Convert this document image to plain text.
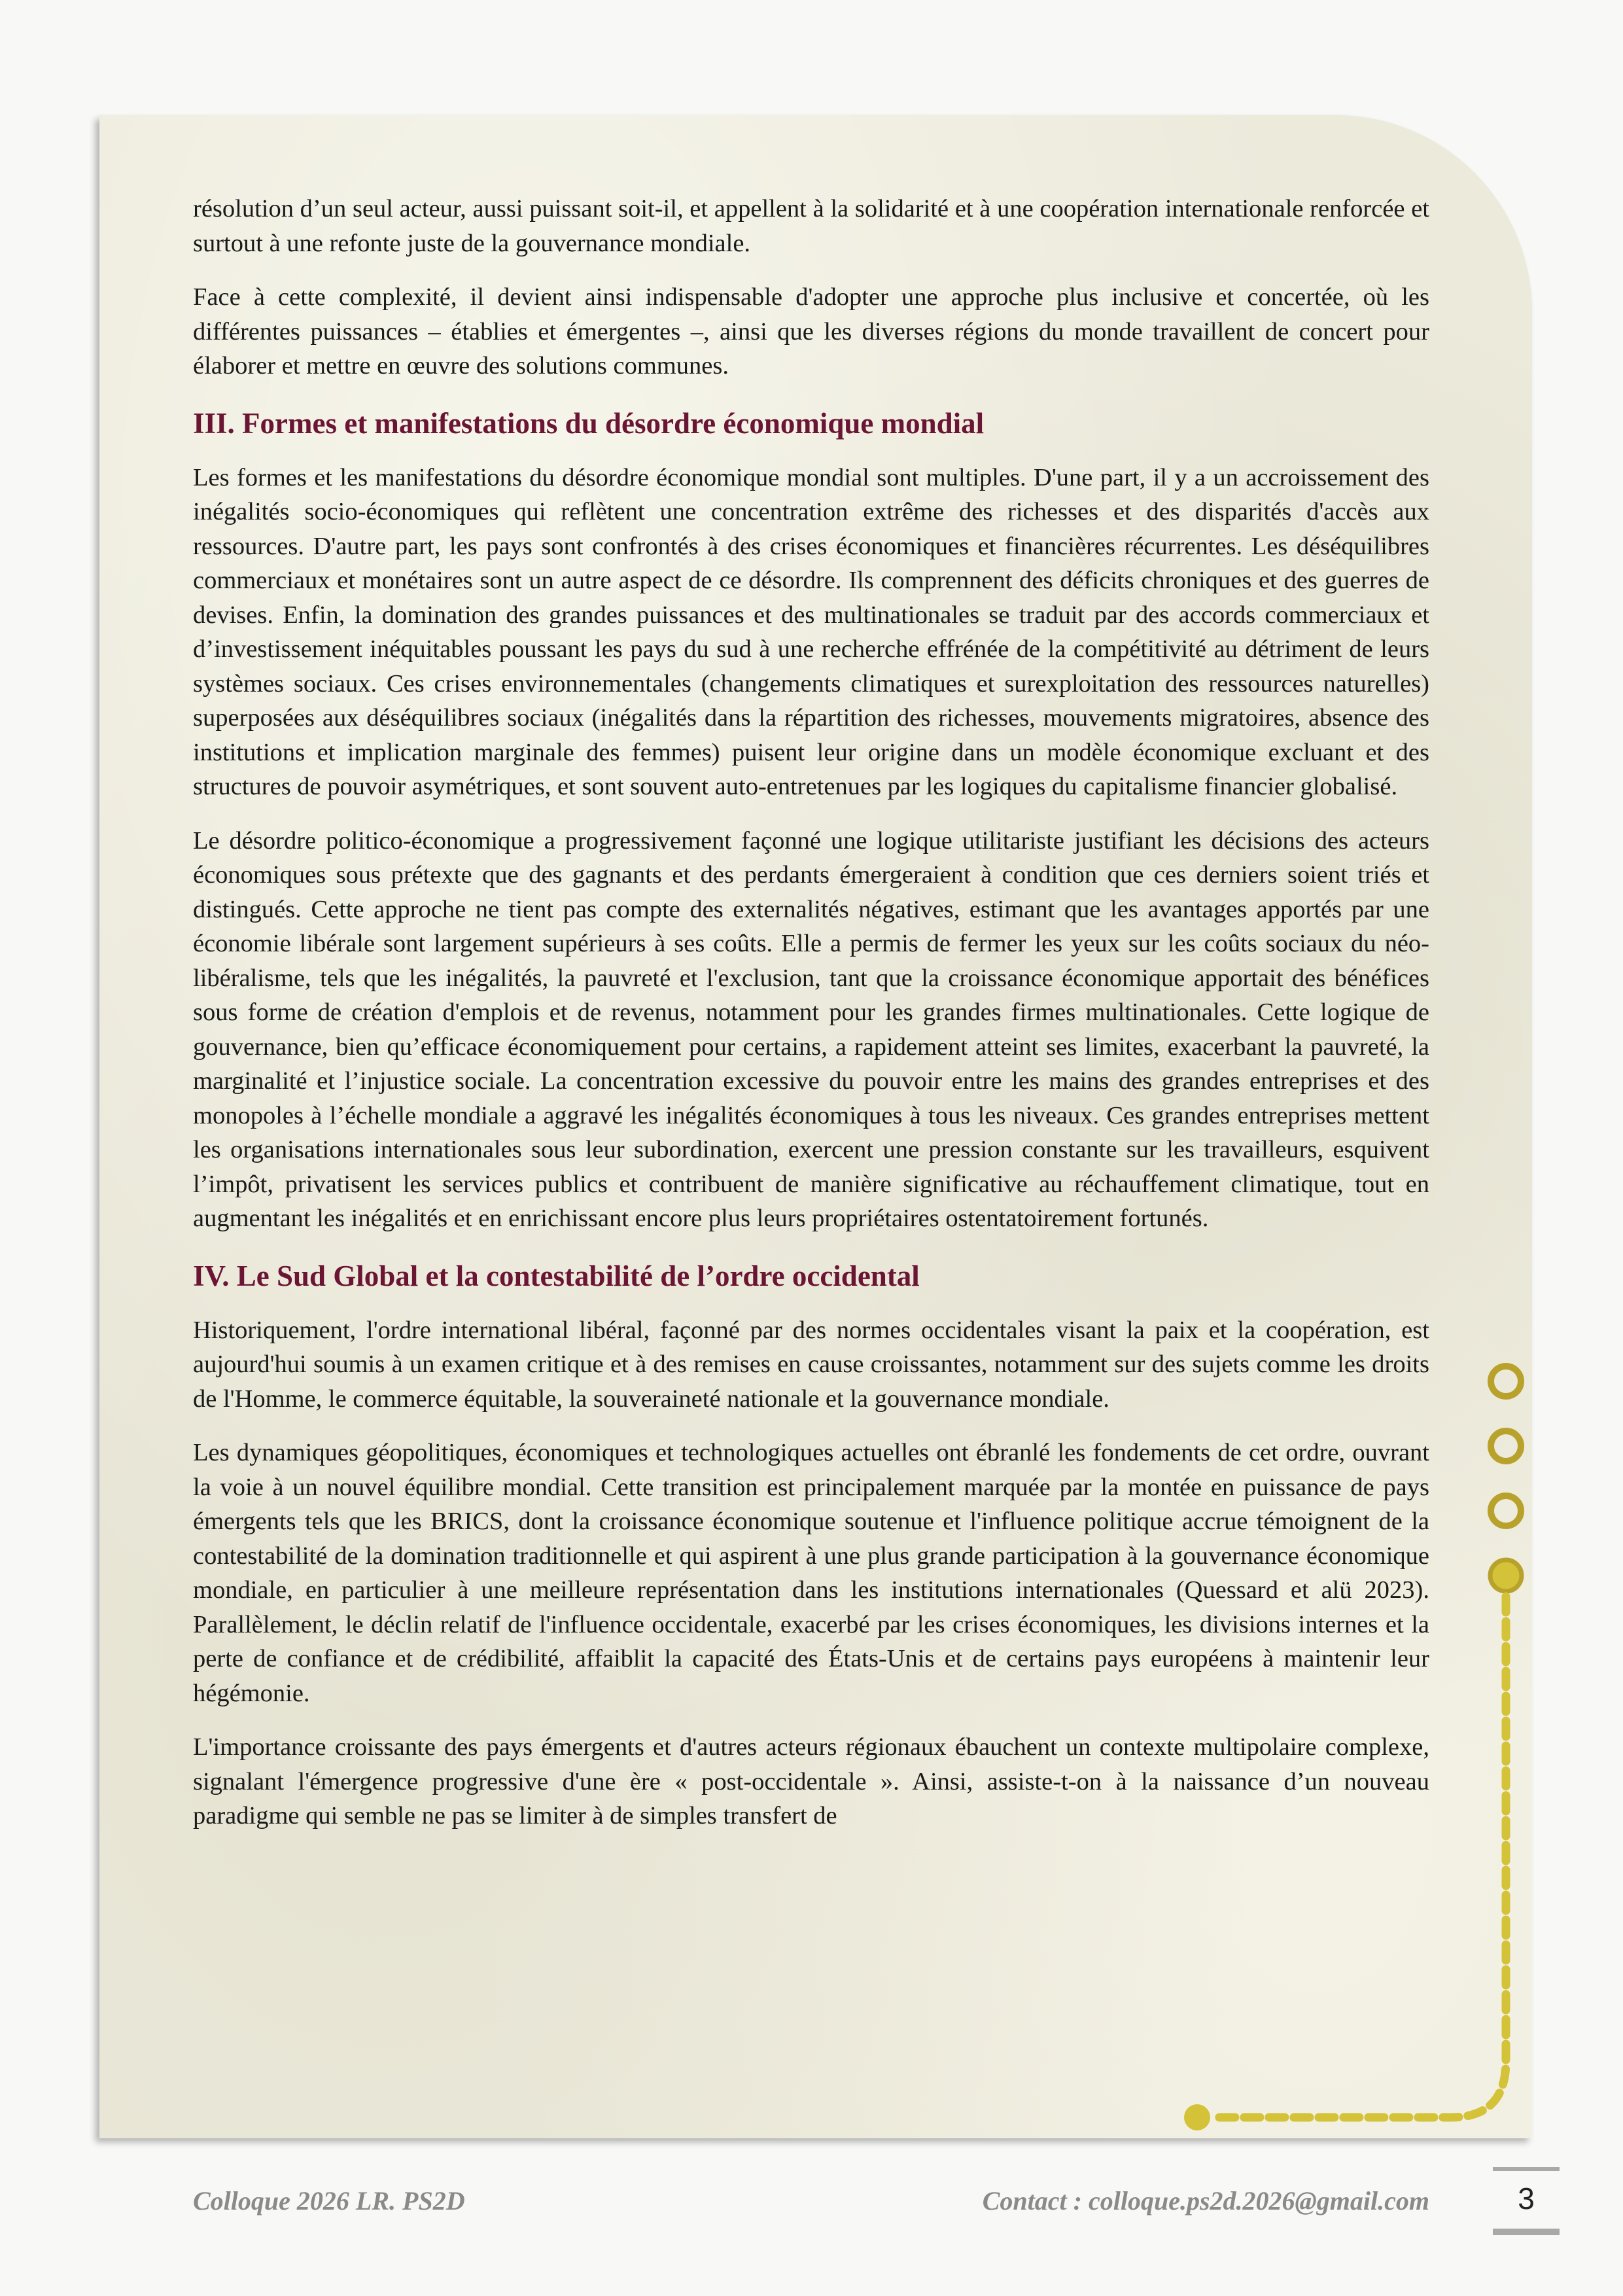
résolution d’un seul acteur, aussi puissant soit-il, et appellent à la solidarité et à une coopération internationale renforcée et surtout à une refonte juste de la gouvernance mondiale.

Face à cette complexité, il devient ainsi indispensable d'adopter une approche plus inclusive et concertée, où les différentes puissances – établies et émergentes –, ainsi que les diverses régions du monde travaillent de concert pour élaborer et mettre en œuvre des solutions communes.

III. Formes et manifestations du désordre économique mondial

Les formes et les manifestations du désordre économique mondial sont multiples. D'une part, il y a un accroissement des inégalités socio-économiques qui reflètent une concentration extrême des richesses et des disparités d'accès aux ressources. D'autre part, les pays sont confrontés à des crises économiques et financières récurrentes. Les déséquilibres commerciaux et monétaires sont un autre aspect de ce désordre. Ils comprennent des déficits chroniques et des guerres de devises. Enfin, la domination des grandes puissances et des multinationales se traduit par des accords commerciaux et d’investissement inéquitables poussant les pays du sud à une recherche effrénée de la compétitivité au détriment de leurs systèmes sociaux. Ces crises environnementales (changements climatiques et surexploitation des ressources naturelles) superposées aux déséquilibres sociaux (inégalités dans la répartition des richesses, mouvements migratoires, absence des institutions et implication marginale des femmes) puisent leur origine dans un modèle économique excluant et des structures de pouvoir asymétriques, et sont souvent auto-entretenues par les logiques du capitalisme financier globalisé.

Le désordre politico-économique a progressivement façonné une logique utilitariste justifiant les décisions des acteurs économiques sous prétexte que des gagnants et des perdants émergeraient à condition que ces derniers soient triés et distingués. Cette approche ne tient pas compte des externalités négatives, estimant que les avantages apportés par une économie libérale sont largement supérieurs à ses coûts. Elle a permis de fermer les yeux sur les coûts sociaux du néo-libéralisme, tels que les inégalités, la pauvreté et l'exclusion, tant que la croissance économique apportait des bénéfices sous forme de création d'emplois et de revenus, notamment pour les grandes firmes multinationales. Cette logique de gouvernance, bien qu’efficace économiquement pour certains, a rapidement atteint ses limites, exacerbant la pauvreté, la marginalité et l’injustice sociale. La concentration excessive du pouvoir entre les mains des grandes entreprises et des monopoles à l’échelle mondiale a aggravé les inégalités économiques à tous les niveaux. Ces grandes entreprises mettent les organisations internationales sous leur subordination, exercent une pression constante sur les travailleurs, esquivent l’impôt, privatisent les services publics et contribuent de manière significative au réchauffement climatique, tout en augmentant les inégalités et en enrichissant encore plus leurs propriétaires ostentatoirement fortunés.

IV. Le Sud Global et la contestabilité de l’ordre occidental

Historiquement, l'ordre international libéral, façonné par des normes occidentales visant la paix et la coopération, est aujourd'hui soumis à un examen critique et à des remises en cause croissantes, notamment sur des sujets comme les droits de l'Homme, le commerce équitable, la souveraineté nationale et la gouvernance mondiale.

Les dynamiques géopolitiques, économiques et technologiques actuelles ont ébranlé les fondements de cet ordre, ouvrant la voie à un nouvel équilibre mondial. Cette transition est principalement marquée par la montée en puissance de pays émergents tels que les BRICS, dont la croissance économique soutenue et l'influence politique accrue témoignent de la contestabilité de la domination traditionnelle et qui aspirent à une plus grande participation à la gouvernance économique mondiale, en particulier à une meilleure représentation dans les institutions internationales (Quessard et alü 2023). Parallèlement, le déclin relatif de l'influence occidentale, exacerbé par les crises économiques, les divisions internes et la perte de confiance et de crédibilité, affaiblit la capacité des États-Unis et de certains pays européens à maintenir leur hégémonie.

L'importance croissante des pays émergents et d'autres acteurs régionaux ébauchent un contexte multipolaire complexe, signalant l'émergence progressive d'une ère « post-occidentale ». Ainsi, assiste-t-on à la naissance d’un nouveau paradigme qui semble ne pas se limiter à de simples transfert de

Colloque 2026 LR. PS2D	Contact : colloque.ps2d.2026@gmail.com	3
